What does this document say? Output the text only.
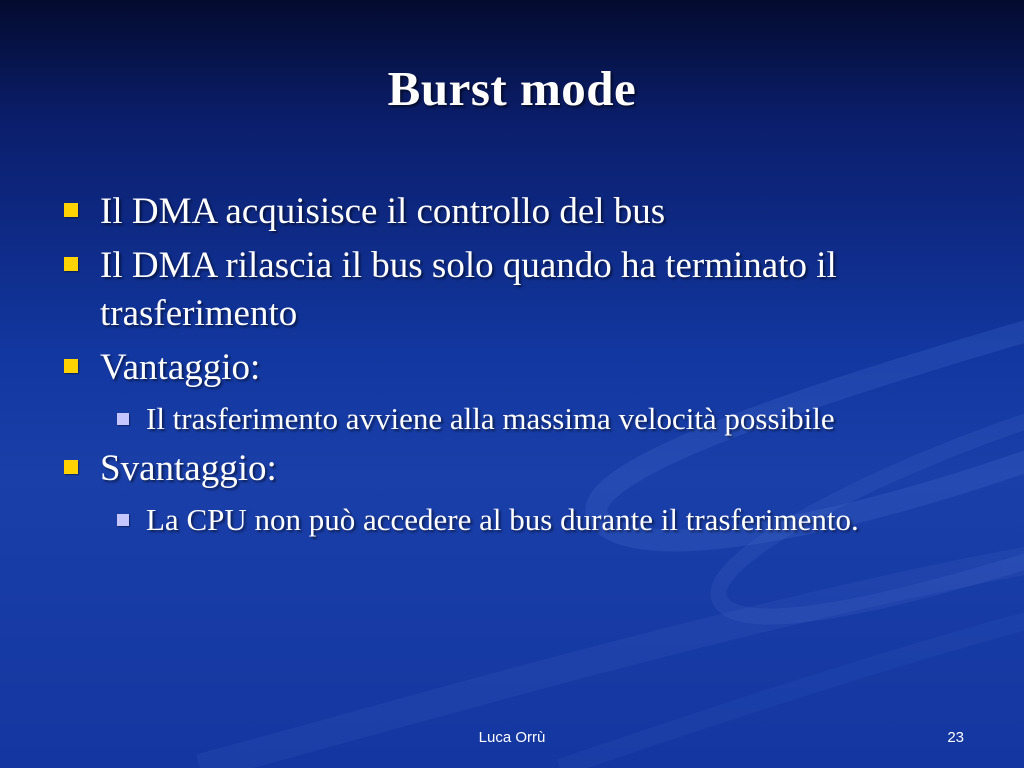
Burst mode
Il DMA acquisisce il controllo del bus
Il DMA rilascia il bus solo quando ha terminato il trasferimento
Vantaggio:
Il trasferimento avviene alla massima velocità possibile
Svantaggio:
La CPU non può accedere al bus durante il trasferimento.
Luca Orrù	23
